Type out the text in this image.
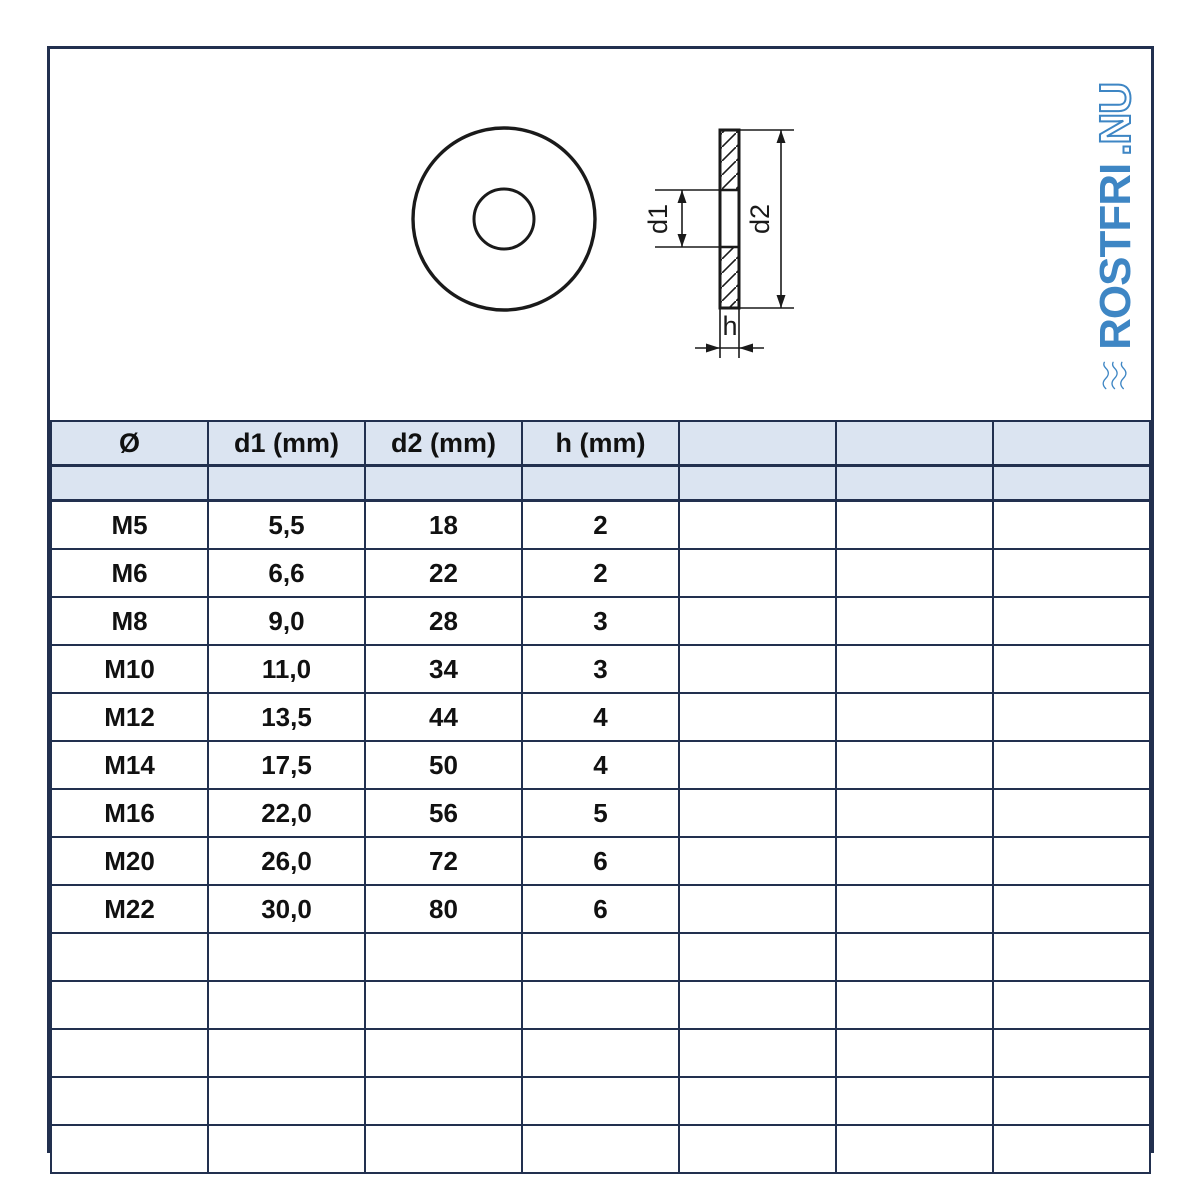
d1	d2
h
Ø	d1 (mm)	d2 (mm)	h (mm)			

M5	5,5	18	2			
M6	6,6	22	2			
M8	9,0	28	3			
M10	11,0	34	3			
M12	13,5	44	4			
M14	17,5	50	4			
M16	22,0	56	5			
M20	26,0	72	6			
M22	30,0	80	6			

ROSTFRI
.NU
